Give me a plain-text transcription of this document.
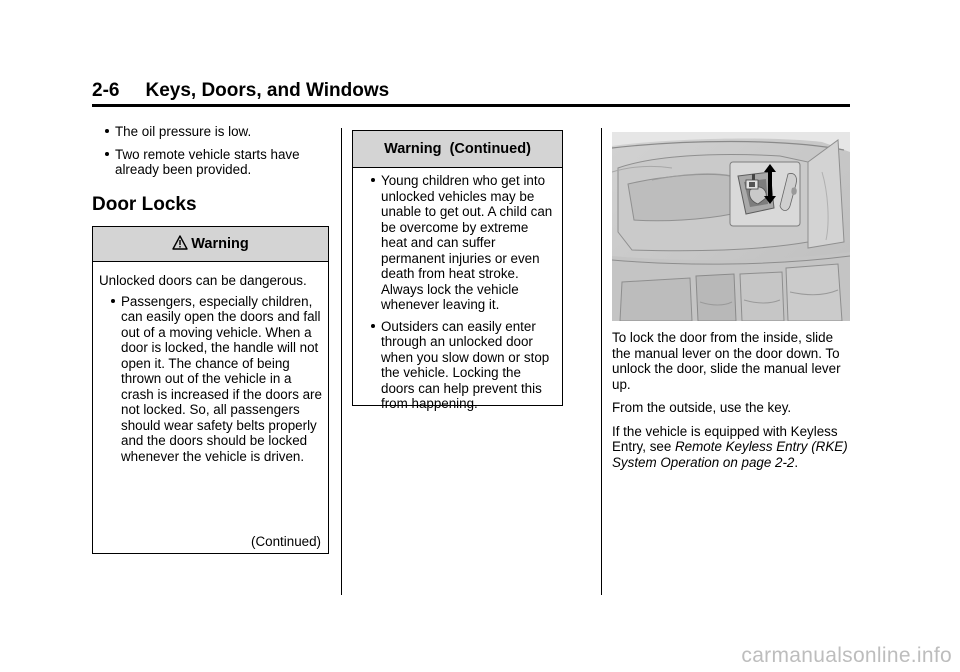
2-6 Keys, Doors, and Windows
The oil pressure is low.
Two remote vehicle starts have already been provided.
Door Locks
Warning
Unlocked doors can be dangerous.
Passengers, especially children, can easily open the doors and fall out of a moving vehicle. When a door is locked, the handle will not open it. The chance of being thrown out of the vehicle in a crash is increased if the doors are not locked. So, all passengers should wear safety belts properly and the doors should be locked whenever the vehicle is driven.
(Continued)
Warning  (Continued)
Young children who get into unlocked vehicles may be unable to get out. A child can be overcome by extreme heat and can suffer permanent injuries or even death from heat stroke. Always lock the vehicle whenever leaving it.
Outsiders can easily enter through an unlocked door when you slow down or stop the vehicle. Locking the doors can help prevent this from happening.

To lock the door from the inside, slide the manual lever on the door down. To unlock the door, slide the manual lever up.

From the outside, use the key.

If the vehicle is equipped with Keyless Entry, see Remote Keyless Entry (RKE) System Operation on page 2-2.

carmanualsonline.info
